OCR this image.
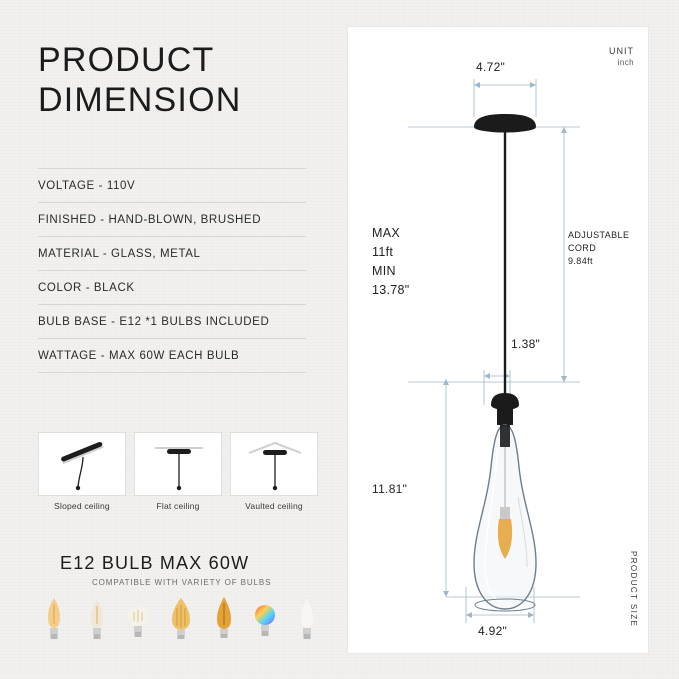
PRODUCT
DIMENSION
VOLTAGE - 110V
FINISHED - HAND-BLOWN, BRUSHED
MATERIAL - GLASS, METAL
COLOR - BLACK
BULB BASE - E12 *1 BULBS INCLUDED
WATTAGE - MAX 60W EACH BULB
Sloped ceiling	Flat ceiling	Vaulted ceiling
E12 BULB MAX 60W
COMPATIBLE WITH VARIETY OF BULBS
UNIT
inch
PRODUCT SIZE
4.72"
MAX
11ft
MIN
13.78"
ADJUSTABLE
CORD
9.84ft
1.38"
11.81"
4.92"
